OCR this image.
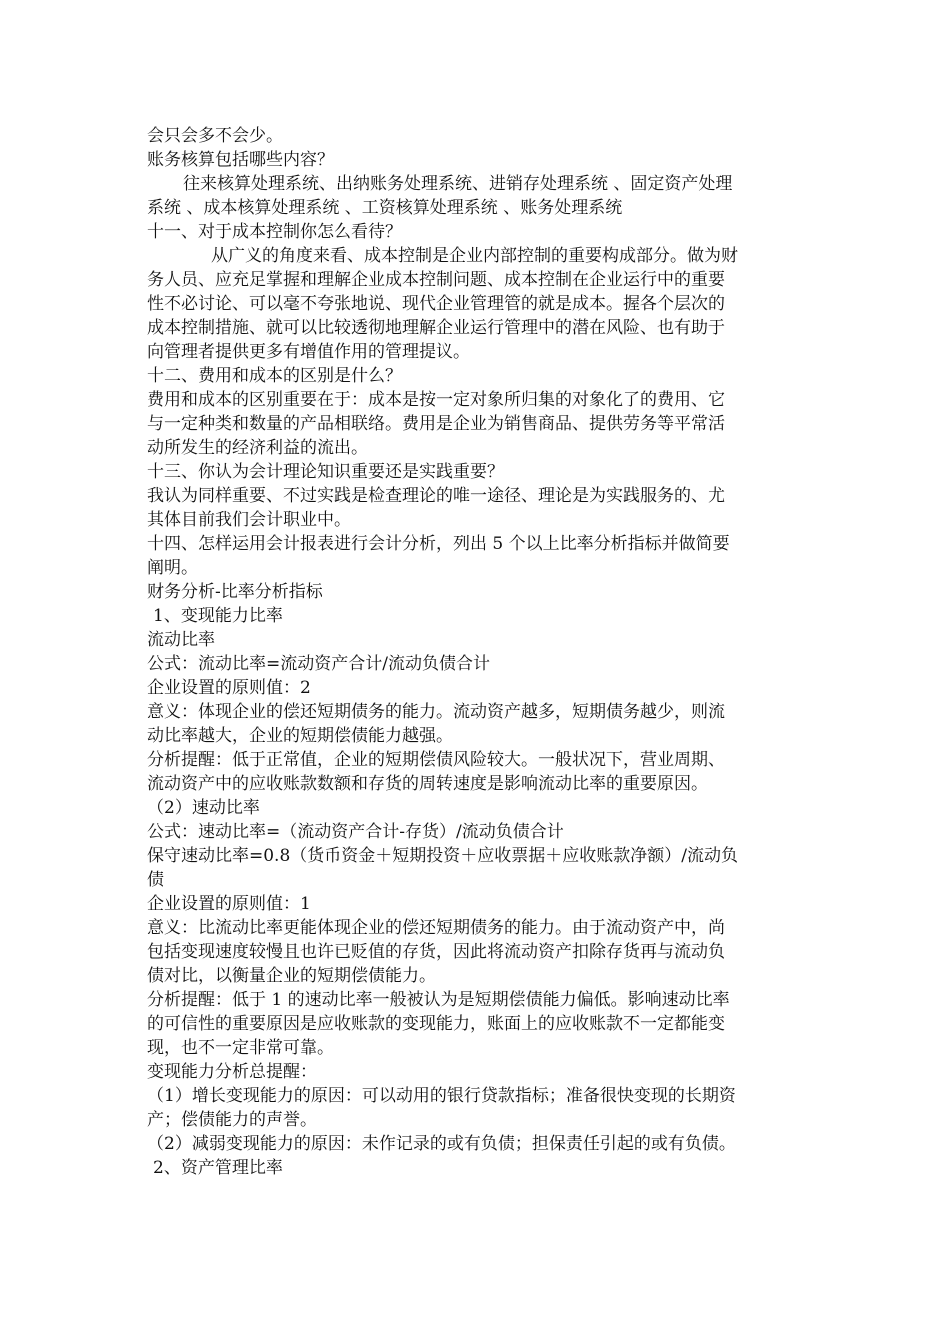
会只会多不会少。
账务核算包括哪些内容？
往来核算处理系统、出纳账务处理系统、进销存处理系统 、固定资产处理
系统 、成本核算处理系统 、工资核算处理系统 、账务处理系统
十一、对于成本控制你怎么看待？
从广义的角度来看、成本控制是企业内部控制的重要构成部分。做为财
务人员、应充足掌握和理解企业成本控制问题、成本控制在企业运行中的重要
性不必讨论、可以毫不夸张地说、现代企业管理管的就是成本。握各个层次的
成本控制措施、就可以比较透彻地理解企业运行管理中的潜在风险、也有助于
向管理者提供更多有增值作用的管理提议。
十二、费用和成本的区别是什么？
费用和成本的区别重要在于：成本是按一定对象所归集的对象化了的费用、它
与一定种类和数量的产品相联络。费用是企业为销售商品、提供劳务等平常活
动所发生的经济利益的流出。
十三、你认为会计理论知识重要还是实践重要？
我认为同样重要、不过实践是检查理论的唯一途径、理论是为实践服务的、尤
其体目前我们会计职业中。
十四、怎样运用会计报表进行会计分析，列出 5 个以上比率分析指标并做简要
阐明。
财务分析-比率分析指标
1、变现能力比率
流动比率
公式：流动比率=流动资产合计/流动负债合计
企业设置的原则值：2
意义：体现企业的偿还短期债务的能力。流动资产越多，短期债务越少，则流
动比率越大，企业的短期偿债能力越强。
分析提醒：低于正常值，企业的短期偿债风险较大。一般状况下，营业周期、
流动资产中的应收账款数额和存货的周转速度是影响流动比率的重要原因。
（2）速动比率
公式：速动比率=（流动资产合计-存货）/流动负债合计
保守速动比率=0.8（货币资金＋短期投资＋应收票据＋应收账款净额）/流动负
债
企业设置的原则值：1
意义：比流动比率更能体现企业的偿还短期债务的能力。由于流动资产中，尚
包括变现速度较慢且也许已贬值的存货，因此将流动资产扣除存货再与流动负
债对比，以衡量企业的短期偿债能力。
分析提醒：低于 1 的速动比率一般被认为是短期偿债能力偏低。影响速动比率
的可信性的重要原因是应收账款的变现能力，账面上的应收账款不一定都能变
现，也不一定非常可靠。
变现能力分析总提醒：
（1）增长变现能力的原因：可以动用的银行贷款指标；准备很快变现的长期资
产；偿债能力的声誉。
（2）减弱变现能力的原因：未作记录的或有负债；担保责任引起的或有负债。
2、资产管理比率
